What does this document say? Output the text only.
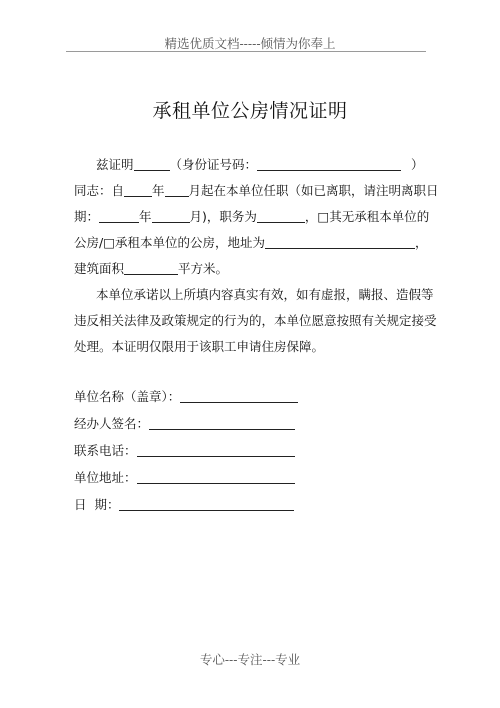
精选优质文档-----倾情为你奉上
承租单位公房情况证明
兹证明	（身份证号码：	）
同志：自 年 月起在本单位任职（如已离职，请注明离职日
期：	年	月)，职务为	，□其无承租本单位的
公房/□承租本单位的公房，地址为	，
建筑面积	平方米。
本单位承诺以上所填内容真实有效，如有虚报，瞒报、造假等
违反相关法律及政策规定的行为的，本单位愿意按照有关规定接受
处理。本证明仅限用于该职工申请住房保障。
单位名称（盖章）：
经办人签名：
联系电话：
单位地址：
日  期：
专心---专注---专业
